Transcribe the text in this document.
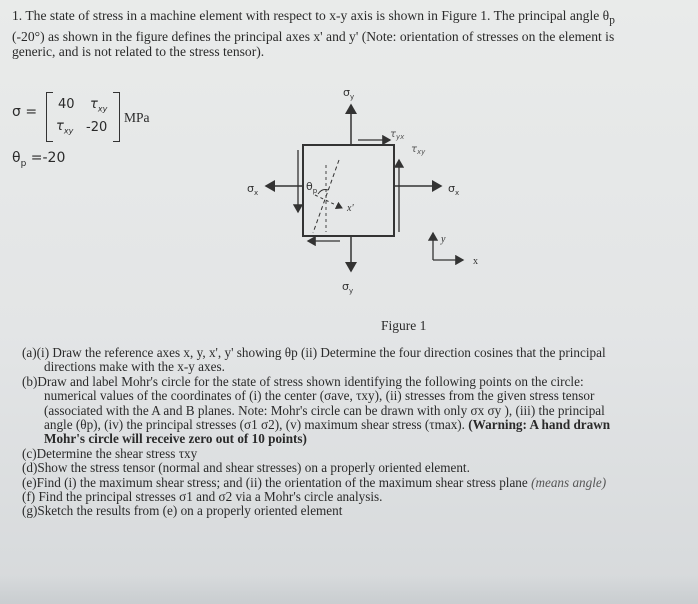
1. The state of stress in a machine element with respect to x-y axis is shown in Figure 1. The principal angle $\theta_p$
(-20°) as shown in the figure defines the principal axes x' and y' (Note: orientation of stresses on the element is
generic, and is not related to the stress tensor).
σ = 40 $\tau_{xy}$
$\tau_{xy}$ -20
MPa
$\theta_p =-20$
$\sigma_y$
$\sigma_y$
$\sigma_x$	$\sigma_x$
$\tau_{yx}$
$\tau_{xy}$
$\theta_p$
x'
y
x
Figure 1

(a)(i) Draw the reference axes x, y, x', y' showing θp (ii) Determine the four direction cosines that the principal

directions make with the x-y axes.

(b)Draw and label Mohr's circle for the state of stress shown identifying the following points on the circle:

numerical values of the coordinates of (i) the center (σave, τxy), (ii) stresses from the given stress tensor

(associated with the A and B planes. Note: Mohr's circle can be drawn with only σx σy ), (iii) the principal

angle (θp), (iv) the principal stresses (σ1 σ2), (v) maximum shear stress (τmax). (Warning: A hand drawn

Mohr's circle will receive zero out of 10 points)

(c)Determine the shear stress τxy

(d)Show the stress tensor (normal and shear stresses) on a properly oriented element.

(e)Find (i) the maximum shear stress; and (ii) the orientation of the maximum shear stress plane (means angle)

(f) Find the principal stresses σ1 and σ2 via a Mohr's circle analysis.

(g)Sketch the results from (e) on a properly oriented element
